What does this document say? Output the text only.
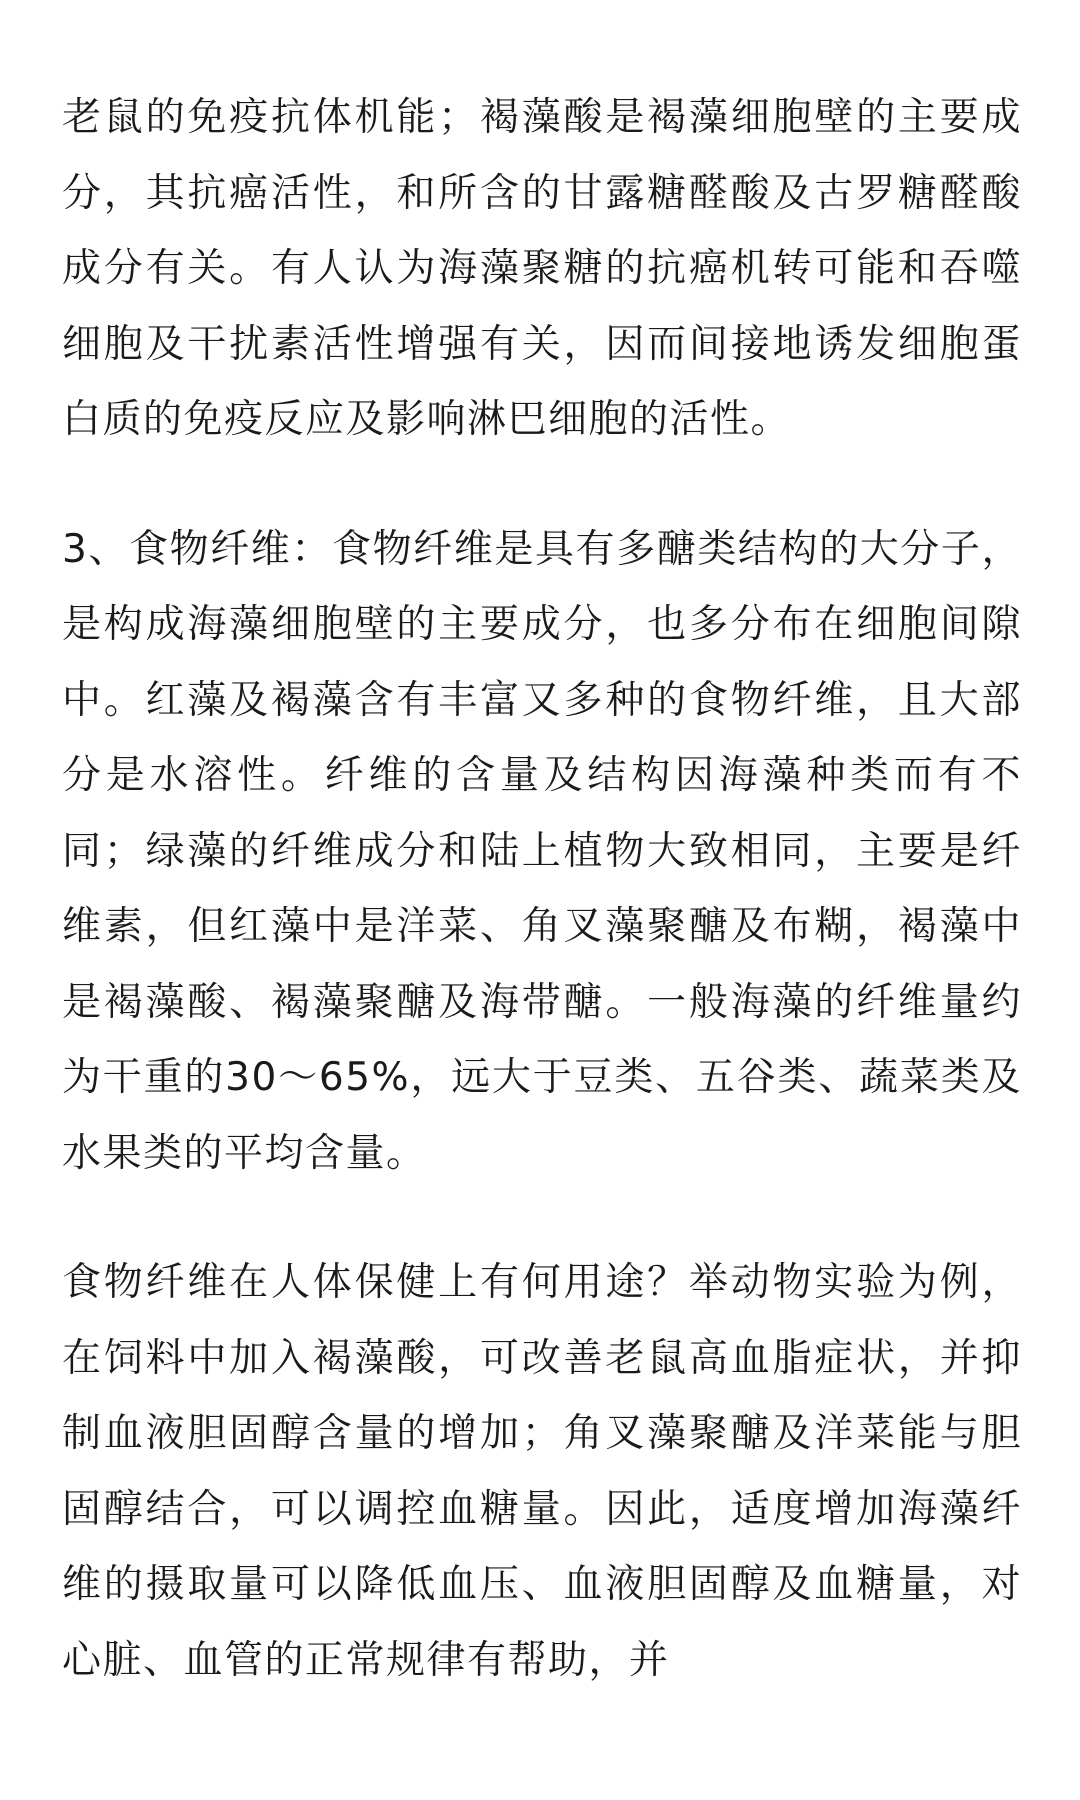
老鼠的免疫抗体机能；褐藻酸是褐藻细胞壁的主要成分，其抗癌活性，和所含的甘露糖醛酸及古罗糖醛酸成分有关。有人认为海藻聚糖的抗癌机转可能和吞噬细胞及干扰素活性增强有关，因而间接地诱发细胞蛋白质的免疫反应及影响淋巴细胞的活性。

3、食物纤维：食物纤维是具有多醣类结构的大分子，是构成海藻细胞壁的主要成分，也多分布在细胞间隙中。红藻及褐藻含有丰富又多种的食物纤维，且大部分是水溶性。纤维的含量及结构因海藻种类而有不同；绿藻的纤维成分和陆上植物大致相同，主要是纤维素，但红藻中是洋菜、角叉藻聚醣及布糊，褐藻中是褐藻酸、褐藻聚醣及海带醣。一般海藻的纤维量约为干重的30～65%，远大于豆类、五谷类、蔬菜类及水果类的平均含量。

食物纤维在人体保健上有何用途？举动物实验为例，在饲料中加入褐藻酸，可改善老鼠高血脂症状，并抑制血液胆固醇含量的增加；角叉藻聚醣及洋菜能与胆固醇结合，可以调控血糖量。因此，适度增加海藻纤维的摄取量可以降低血压、血液胆固醇及血糖量，对心脏、血管的正常规律有帮助，并
